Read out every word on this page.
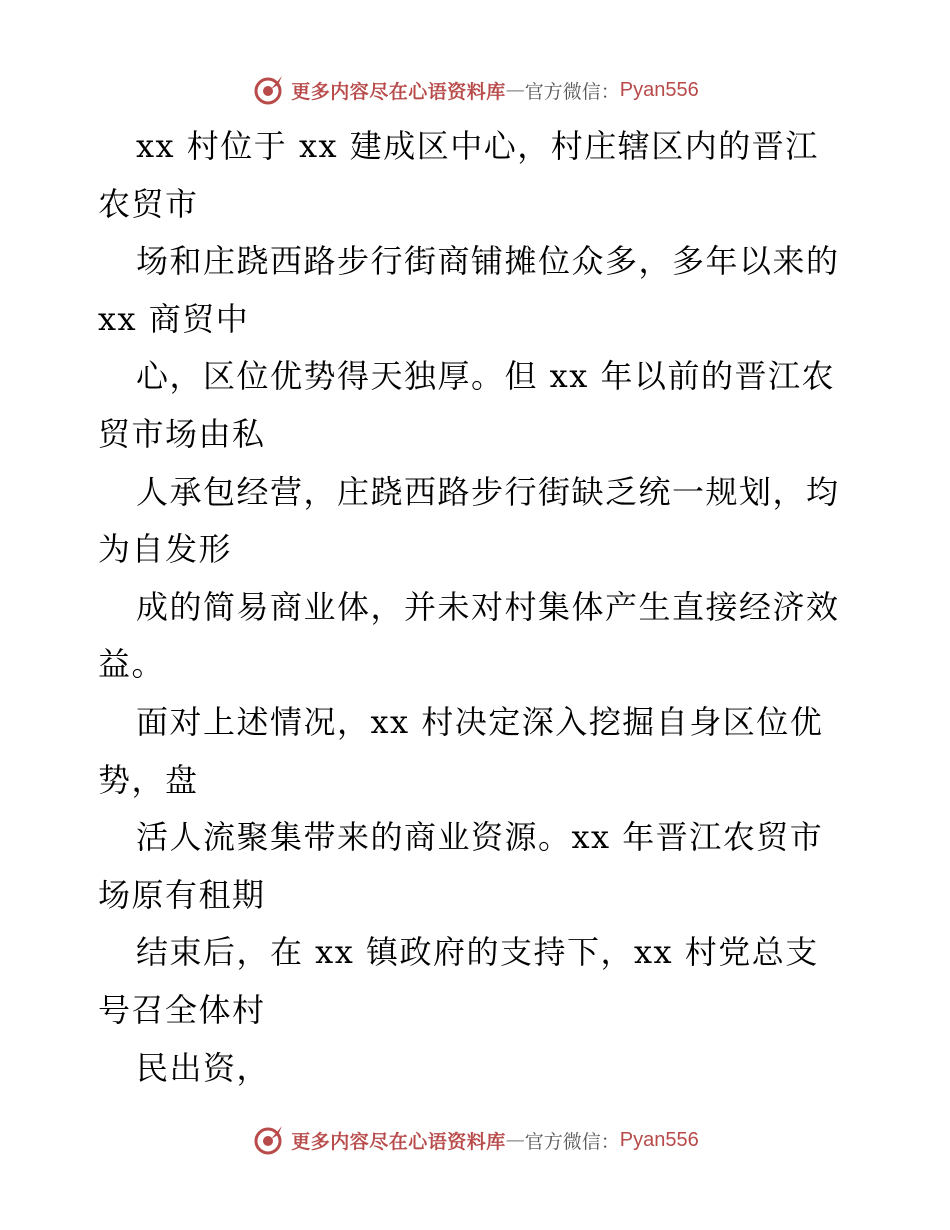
更多内容尽在心语资料库 — 官方微信： Pyan556
xx 村位于 xx 建成区中心，村庄辖区内的晋江
农贸市
场和庄跷西路步行街商铺摊位众多，多年以来的
xx 商贸中
心，区位优势得天独厚。但 xx 年以前的晋江农
贸市场由私
人承包经营，庄跷西路步行街缺乏统一规划，均
为自发形
成的简易商业体，并未对村集体产生直接经济效
益。
面对上述情况，xx 村决定深入挖掘自身区位优
势，盘
活人流聚集带来的商业资源。xx 年晋江农贸市
场原有租期
结束后，在 xx 镇政府的支持下，xx 村党总支
号召全体村
民出资，
更多内容尽在心语资料库 — 官方微信： Pyan556
